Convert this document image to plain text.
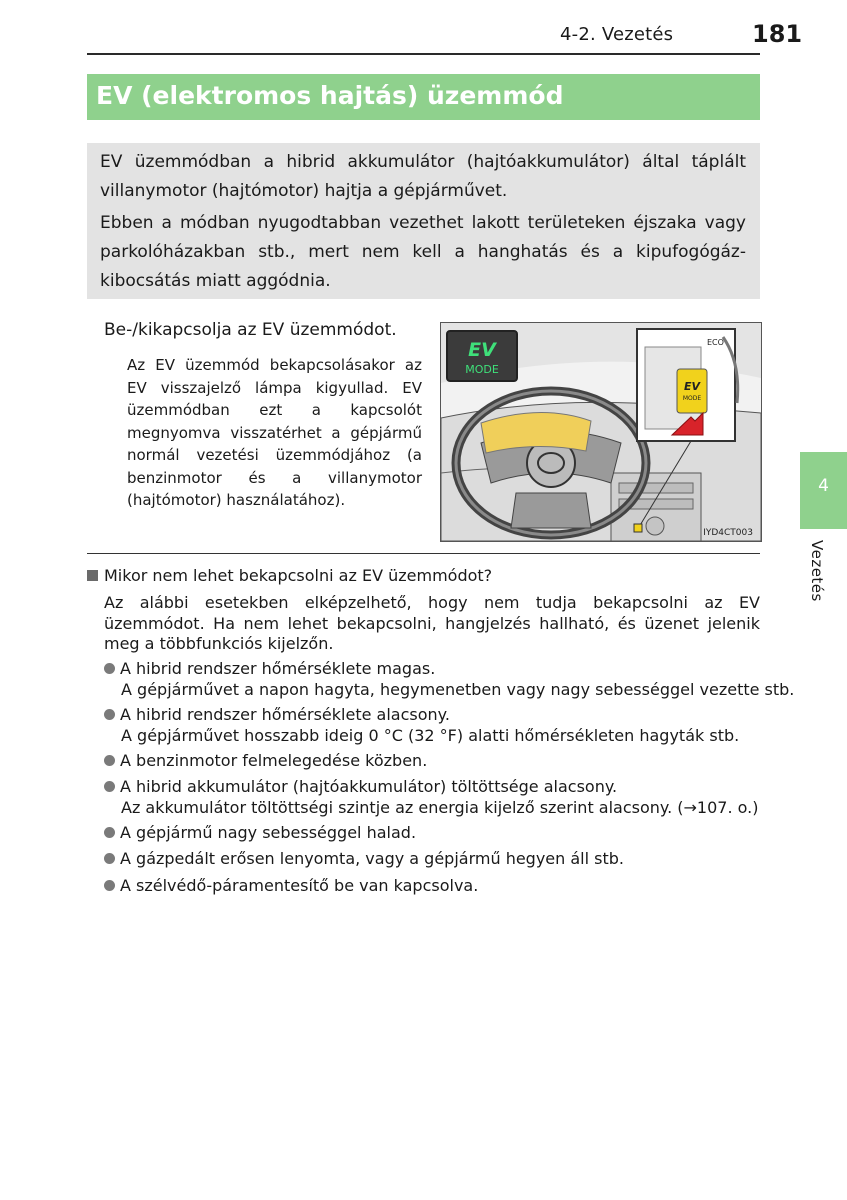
4-2. Vezetés	181
EV (elektromos hajtás) üzemmód

EV üzemmódban a hibrid akkumulátor (hajtóakkumulátor) által táplált villanymotor (hajtómotor) hajtja a gépjárművet.

Ebben a módban nyugodtabban vezethet lakott területeken éjszaka vagy parkolóházakban stb., mert nem kell a hanghatás és a kipufogógáz-kibocsátás miatt aggódnia.

Be-/kikapcsolja az EV üzemmódot.

Az EV üzemmód bekapcsolásakor az EV visszajelző lámpa kigyullad. EV üzemmódban ezt a kapcsolót megnyomva visszatérhet a gépjármű normál vezetési üzemmódjához (a benzinmotor és a villanymotor (hajtómotor) használatához).

EV
MODE
ECO
EV
MODE
IYD4CT003
4
Vezetés
Mikor nem lehet bekapcsolni az EV üzemmódot?

Az alábbi esetekben elképzelhető, hogy nem tudja bekapcsolni az EV üzemmódot. Ha nem lehet bekapcsolni, hangjelzés hallható, és üzenet jelenik meg a többfunkciós kijelzőn.

A hibrid rendszer hőmérséklete magas.
A gépjárművet a napon hagyta, hegymenetben vagy nagy sebességgel vezette stb.
A hibrid rendszer hőmérséklete alacsony.
A gépjárművet hosszabb ideig 0 °C (32 °F) alatti hőmérsékleten hagyták stb.
A benzinmotor felmelegedése közben.
A hibrid akkumulátor (hajtóakkumulátor) töltöttsége alacsony.
Az akkumulátor töltöttségi szintje az energia kijelző szerint alacsony. (→107. o.)
A gépjármű nagy sebességgel halad.
A gázpedált erősen lenyomta, vagy a gépjármű hegyen áll stb.
A szélvédő-páramentesítő be van kapcsolva.
